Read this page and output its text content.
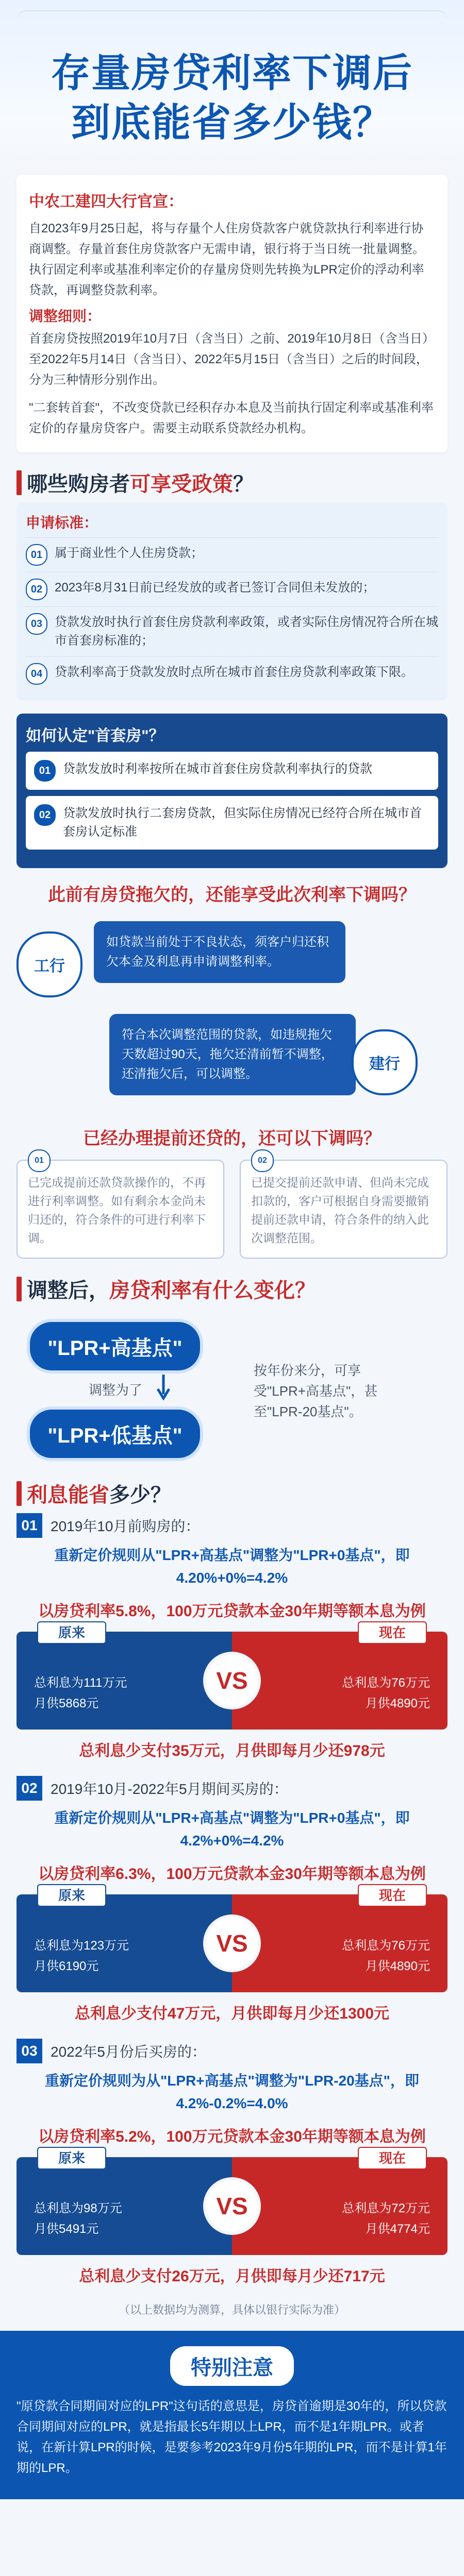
存量房贷利率下调后
到底能省多少钱？
中农工建四大行官宣：
自2023年9月25日起，将与存量个人住房贷款客户就贷款执行利率进行协商调整。存量首套住房贷款客户无需申请，银行将于当日统一批量调整。执行固定利率或基准利率定价的存量房贷则先转换为LPR定价的浮动利率贷款，再调整贷款利率。
调整细则：
首套房贷按照2019年10月7日（含当日）之前、2019年10月8日（含当日）至2022年5月14日（含当日）、2022年5月15日（含当日）之后的时间段，分为三种情形分别作出。
"二套转首套"，不改变贷款已经积存办本息及当前执行固定利率或基准利率定价的存量房贷客户。需要主动联系贷款经办机构。
哪些购房者可享受政策？
申请标准：
01 属于商业性个人住房贷款；
02 2023年8月31日前已经发放的或者已签订合同但未发放的；
03 贷款发放时执行首套住房贷款利率政策，或者实际住房情况符合所在城市首套房标准的；
04 贷款利率高于贷款发放时点所在城市首套住房贷款利率政策下限。
如何认定"首套房"？
01 贷款发放时利率按所在城市首套住房贷款利率执行的贷款
02 贷款发放时执行二套房贷款，但实际住房情况已经符合所在城市首套房认定标准
此前有房贷拖欠的，还能享受此次利率下调吗？
工行
如贷款当前处于不良状态，须客户归还积欠本金及利息再申请调整利率。
符合本次调整范围的贷款，如违规拖欠天数超过90天，拖欠还清前暂不调整，还清拖欠后，可以调整。
建行
已经办理提前还贷的，还可以下调吗？
01
已完成提前还款贷款操作的，不再进行利率调整。如有剩余本金尚未归还的，符合条件的可进行利率下调。
02
已提交提前还款申请、但尚未完成扣款的，客户可根据自身需要撤销提前还款申请，符合条件的纳入此次调整范围。
调整后，房贷利率有什么变化？
"LPR+高基点"
调整为了
"LPR+低基点"
按年份来分，可享受"LPR+高基点"，甚至"LPR-20基点"。
利息能省多少？
01 2019年10月前购房的：
重新定价规则从"LPR+高基点"调整为"LPR+0基点"，即4.20%+0%=4.2%
以房贷利率5.8%，100万元贷款本金30年期等额本息为例
原来
总利息为111万元
月供5868元
现在
总利息为76万元
月供4890元
VS
总利息少支付35万元，月供即每月少还978元
02 2019年10月-2022年5月期间买房的：
重新定价规则从"LPR+高基点"调整为"LPR+0基点"，即4.2%+0%=4.2%
以房贷利率6.3%，100万元贷款本金30年期等额本息为例
原来
总利息为123万元
月供6190元
现在
总利息为76万元
月供4890元
VS
总利息少支付47万元，月供即每月少还1300元
03 2022年5月份后买房的：
重新定价规则为从"LPR+高基点"调整为"LPR-20基点"，即4.2%-0.2%=4.0%
以房贷利率5.2%，100万元贷款本金30年期等额本息为例
原来
总利息为98万元
月供5491元
现在
总利息为72万元
月供4774元
VS
总利息少支付26万元，月供即每月少还717元
（以上数据均为测算，具体以银行实际为准）
特别注意
"原贷款合同期间对应的LPR"这句话的意思是，房贷首逾期是30年的，所以贷款合同期间对应的LPR，就是指最长5年期以上LPR，而不是1年期LPR。或者说，在新计算LPR的时候，是要参考2023年9月份5年期的LPR，而不是计算1年期的LPR。
